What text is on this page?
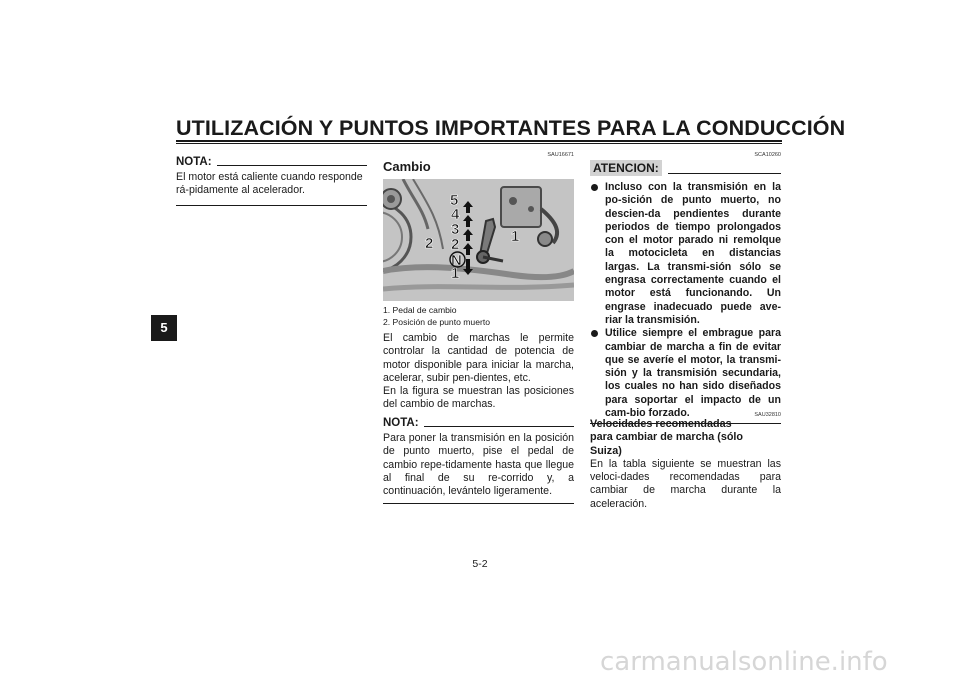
UTILIZACIÓN Y PUNTOS IMPORTANTES PARA LA CONDUCCIÓN
5
NOTA:
El motor está caliente cuando responde rá-pidamente al acelerador.
SAU16671
Cambio
5
4
3
2
N
1
2	1
1. Pedal de cambio
2. Posición de punto muerto
El cambio de marchas le permite controlar la cantidad de potencia de motor disponible para iniciar la marcha, acelerar, subir pen-dientes, etc.
En la figura se muestran las posiciones del cambio de marchas.
NOTA:
Para poner la transmisión en la posición de punto muerto, pise el pedal de cambio repe-tidamente hasta que llegue al final de su re-corrido y, a continuación, levántelo ligeramente.
SCA10260
ATENCION:
Incluso con la transmisión en la po-sición de punto muerto, no descien-da pendientes durante periodos de tiempo prolongados con el motor parado ni remolque la motocicleta en distancias largas. La transmi-sión sólo se engrasa correctamente cuando el motor está funcionando. Un engrase inadecuado puede ave-riar la transmisión.
Utilice siempre el embrague para cambiar de marcha a fin de evitar que se averíe el motor, la transmi-sión y la transmisión secundaria, los cuales no han sido diseñados para soportar el impacto de un cam-bio forzado.	SAU32810
Velocidades recomendadas para cambiar de marcha (sólo Suiza)
En la tabla siguiente se muestran las veloci-dades recomendadas para cambiar de marcha durante la aceleración.
5-2
carmanualsonline.info
